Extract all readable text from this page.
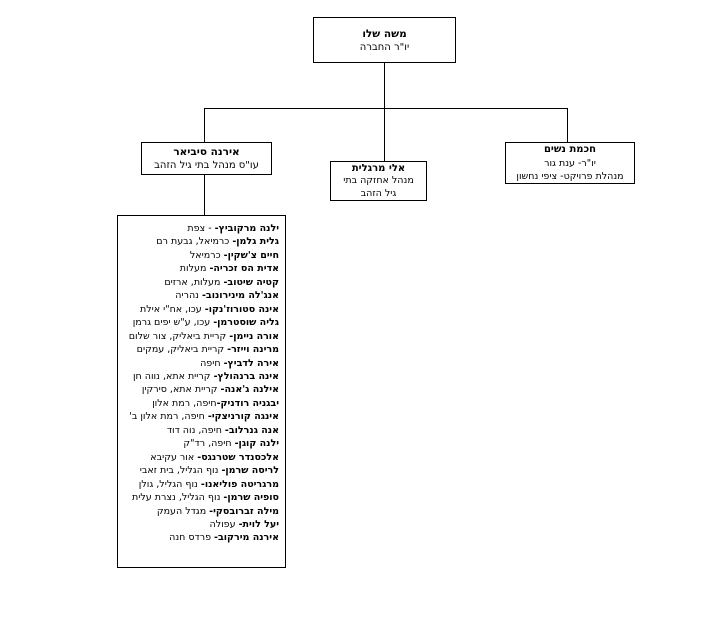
משה שלו
יו"ר החברה
אירנה סיביאר
עו"ס מנהל בתי גיל הזהב	אלי מרגלית
מנהל אחזקה בתי
גיל הזהב
חכמת נשים
יו"ר- ענת גור
מנהלת פרויקט- ציפי נחשון
ילנה מרקוביץ- - צפת
גלית גלמן- כרמיאל, גבעת רם
חיים צ'שקין- כרמיאל
אדית הס זכריה- מעלות
קטיה שיטוב- מעלות, ארזים
אנג'לה מינירונוב- נהריה
אינה סטורוז'נקו- עכו, אח"י אילת
גליה שוסטרמן- עכו, ע"ש יפים גרמן
אורה ניימן- קריית ביאליק, צור שלום
מרינה וייזר- קריית ביאליק, עמקים
אירה לדביץ- חיפה
אינה ברנהולץ- קריית אתא, נווה חן
אילנה ג'אנה- קריית אתא, סירקין
יבגניה רודניק-חיפה, רמת אלון
אינגה קורניצקי- חיפה, רמת אלון ב'
אנה גנרלוב- חיפה, נוה דוד
ילנה קוגן- חיפה, רד"ק
אלכסנדר שטרנגס- אור עקיבא
לריסה שרמן- נוף הגליל, בית זאבי
מרגריטה פוליאנו- נוף הגליל, גולן
סופיה שרמן- נוף הגליל, נצרת עלית
מילה זברובסקי- מגדל העמק
יעל לוית- עפולה
אירנה מירקוב- פרדס חנה
